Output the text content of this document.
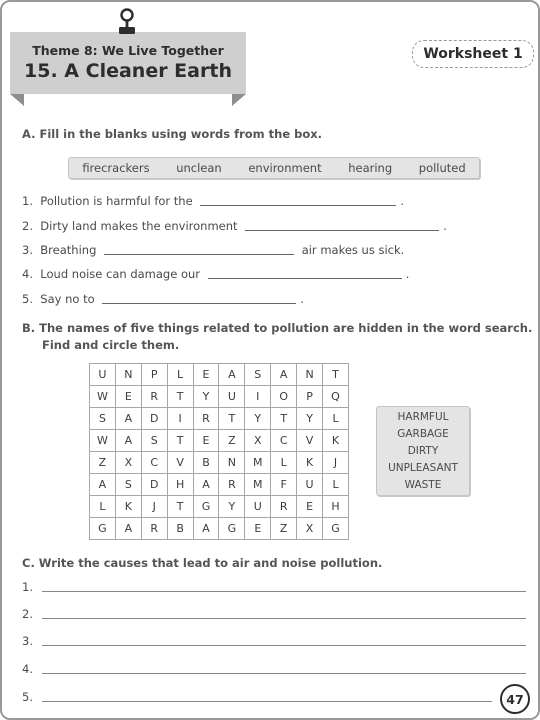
Theme 8: We Live Together
15. A Cleaner Earth
Worksheet 1
A. Fill in the blanks using words from the box.
firecrackers unclean environment hearing polluted
1. Pollution is harmful for the	.
2. Dirty land makes the environment	.
3. Breathing	air makes us sick.
4. Loud noise can damage our	.
5. Say no to	.
B. The names of five things related to pollution are hidden in the word search.
Find and circle them.
U	N	P	L	E	A	S	A	N	T
W	E	R	T	Y	U	I	O	P	Q
S	A	D	I	R	T	Y	T	Y	L
W	A	S	T	E	Z	X	C	V	K
Z	X	C	V	B	N	M	L	K	J
A	S	D	H	A	R	M	F	U	L
L	K	J	T	G	Y	U	R	E	H
G	A	R	B	A	G	E	Z	X	G
HARMFUL
GARBAGE
DIRTY
UNPLEASANT
WASTE
C. Write the causes that lead to air and noise pollution.
1.
2.
3.
4.
5.	47
